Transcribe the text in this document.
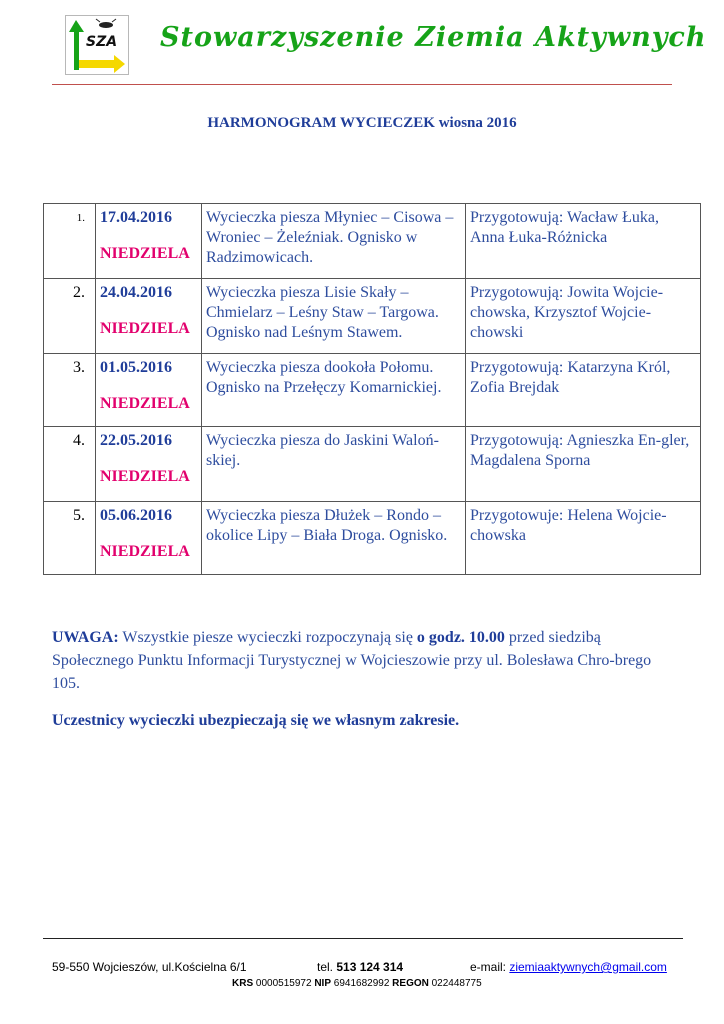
SZA Stowarzyszenie Ziemia Aktywnych
HARMONOGRAM WYCIECZEK wiosna 2016
1. 17.04.2016
NIEDZIELA
Wycieczka piesza Młyniec – Cisowa – Wroniec – Żeleźniak. Ognisko w Radzimowicach.
Przygotowują: Wacław Łuka, Anna Łuka-Różnicka
2. 24.04.2016
NIEDZIELA
Wycieczka piesza Lisie Skały – Chmielarz – Leśny Staw – Targowa. Ognisko nad Leśnym Stawem.
Przygotowują: Jowita Wojcie-chowska, Krzysztof Wojcie-chowski
3. 01.05.2016
NIEDZIELA
Wycieczka piesza dookoła Połomu. Ognisko na Przełęczy Komarnickiej.
Przygotowują: Katarzyna Król, Zofia Brejdak
4. 22.05.2016
NIEDZIELA
Wycieczka piesza do Jaskini Waloń-skiej.
Przygotowują: Agnieszka En-gler, Magdalena Sporna
5. 05.06.2016
NIEDZIELA
Wycieczka piesza Dłużek – Rondo – okolice Lipy – Biała Droga. Ognisko.
Przygotowuje: Helena Wojcie-chowska
UWAGA: Wszystkie piesze wycieczki rozpoczynają się o godz. 10.00 przed siedzibą Społecznego Punktu Informacji Turystycznej w Wojcieszowie przy ul. Bolesława Chro-brego 105.
Uczestnicy wycieczki ubezpieczają się we własnym zakresie.
59-550 Wojcieszów, ul.Kościelna 6/1	tel. 513 124 314	e-mail: ziemiaaktywnych@gmail.com
KRS 0000515972 NIP 6941682992 REGON 022448775
